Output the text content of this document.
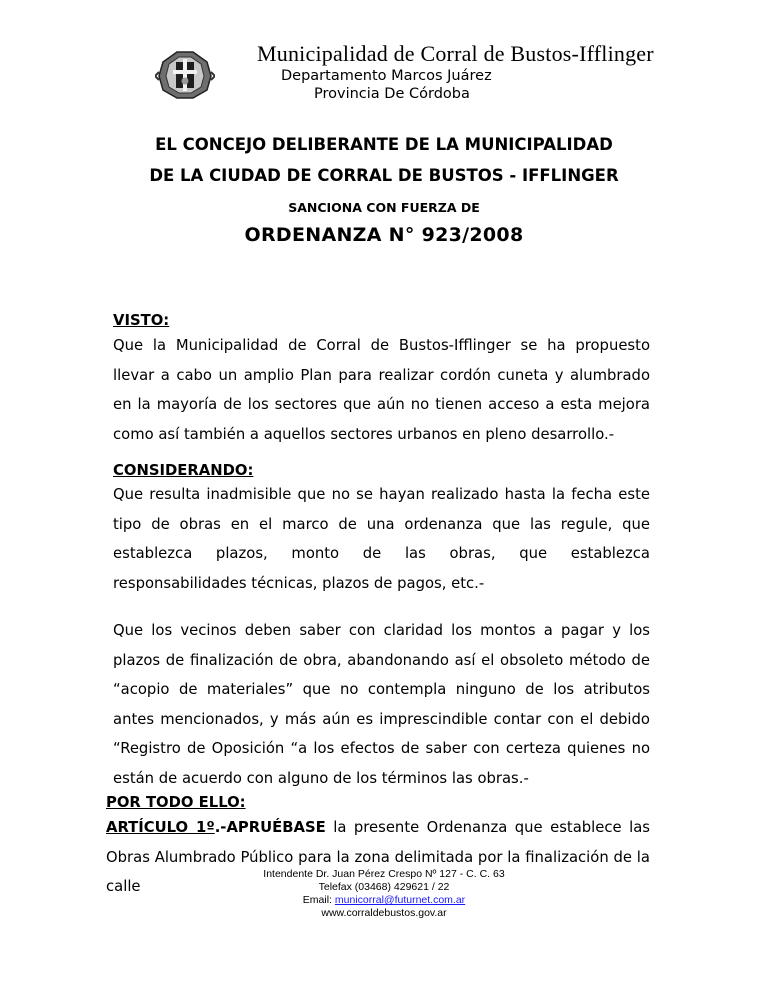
Municipalidad de Corral de Bustos-Ifflinger
Departamento Marcos Juárez
Provincia De Córdoba

EL CONCEJO DELIBERANTE DE LA MUNICIPALIDAD

DE LA CIUDAD DE CORRAL DE BUSTOS - IFFLINGER

SANCIONA CON FUERZA DE

ORDENANZA N° 923/2008

VISTO:

Que la Municipalidad de Corral de Bustos-Ifflinger se ha propuesto llevar a cabo un amplio Plan para realizar cordón cuneta y alumbrado en la mayoría de los sectores que aún no tienen acceso a esta mejora como así también a aquellos sectores urbanos en pleno desarrollo.-

CONSIDERANDO:

Que resulta inadmisible que no se hayan realizado hasta la fecha este tipo de obras en el marco de una ordenanza que las regule, que establezca plazos, monto de las obras, que establezca responsabilidades técnicas, plazos de pagos, etc.-

Que los vecinos deben saber con claridad los montos a pagar y los plazos de finalización de obra, abandonando así el obsoleto método de “acopio de materiales” que no contempla ninguno de los atributos antes mencionados, y más aún es imprescindible contar con el debido “Registro de Oposición “a los efectos de saber con certeza quienes no están de acuerdo con alguno de los términos las obras.-

POR TODO ELLO:

ARTÍCULO 1º.-APRUÉBASE la presente Ordenanza que establece las Obras Alumbrado Público para la zona delimitada por la finalización de la calle

Intendente Dr. Juan Pérez Crespo Nº 127 - C. C. 63
Telefax (03468) 429621 / 22
Email: municorral@futurnet.com.ar
www.corraldebustos.gov.ar
